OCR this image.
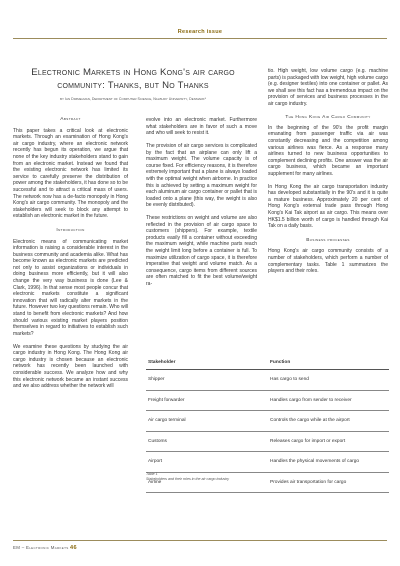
Research issue
Electronic Markets in Hong Kong's air cargo community: Thanks, but No Thanks
by Ian Dimmelman, Department of Computer Science, Nalbury University, Denmark*
Abstract

This paper takes a critical look at electronic markets. Through an examination of Hong Kong's air cargo industry, where an electronic network recently has begun its operation, we argue that none of the key industry stakeholders stand to gain from an electronic market. Instead we found that the existing electronic network has limited its service to carefully preserve the distribution of power among the stakeholders, it has done so to be successful and to attract a critical mass of users. The network now has a de-facto monopoly in Hong Kong's air cargo community. The monopoly and the stakeholders will seek to block any attempt to establish an electronic market in the future.

Introduction

Electronic means of communicating market information is raising a considerable interest in the business community and academia alike. What has become known as electronic markets are predicted not only to assist organizations or individuals in doing business more efficiently, but it will also change the very way business is done (Lee & Clark, 1996). In that sense most people concur that electronic markets constitute a significant innovation that will radically alter markets in the future. However two key questions remain. Who will stand to benefit from electronic markets? And how should various existing market players position themselves in regard to initiatives to establish such markets?

We examine these questions by studying the air cargo industry in Hong Kong. The Hong Kong air cargo industry is chosen because an electronic network has recently been launched with considerable success. We analyze how and why this electronic network became an instant success and we also address whether the network will

evolve into an electronic market. Furthermore what stakeholders are in favor of such a move and who will seek to resist it.

The provision of air cargo services is complicated by the fact that an airplane can only lift a maximum weight. The volume capacity is of course fixed. For efficiency reasons, it is therefore extremely important that a plane is always loaded with the optimal weight when airborne. In practice this is achieved by setting a maximum weight for each aluminum air cargo container or pallet that is loaded onto a plane (this way, the weight is also be evenly distributed).

These restrictions on weight and volume are also reflected in the provision of air cargo space to customers (shippers). For example, textile products easily fill a container without exceeding the maximum weight, while machine parts reach the weight limit long before a container is full. To maximize utilization of cargo space, it is therefore imperative that weight and volume match. As a consequence, cargo items from different sources are often matched to fit the best volume/weight ra-

tio. High weight, low volume cargo (e.g. machine parts) is packaged with low weight, high volume cargo (e.g. designer textiles) into one container or pallet. As we shall see this fact has a tremendous impact on the provision of services and business processes in the air cargo industry.

The Hong Kong Air Cargo Community

In the beginning of the 90's the profit margin emanating from passenger traffic via air was constantly decreasing and the competition among various airlines was fierce. As a response many airlines turned to new business opportunities to complement declining profits. One answer was the air cargo business, which became an important supplement for many airlines.

In Hong Kong the air cargo transportation industry has developed substantially in the 90's and it is quite a mature business. Approximately 20 per cent of Hong Kong's external trade pass through Hong Kong's Kai Tak airport as air cargo. This means over HK$1.5 billion worth of cargo is handled through Kai Tak on a daily basis.

Business processes

Hong Kong's air cargo community consists of a number of stakeholders, which perform a number of complementary tasks. Table 1 summarizes the players and their roles.

Stakeholder	Function
Shipper	Has cargo to send
Freight forwarder	Handles cargo from sender to receiver
Air cargo terminal	Controls the cargo while at the airport
Customs	Releases cargo for import or export
Airport	Handles the physical movements of cargo
Airline	Provides air transportation for cargo
Table 1
Stakeholders and their roles in the air cargo industry
EM – Electronic Markets 46
